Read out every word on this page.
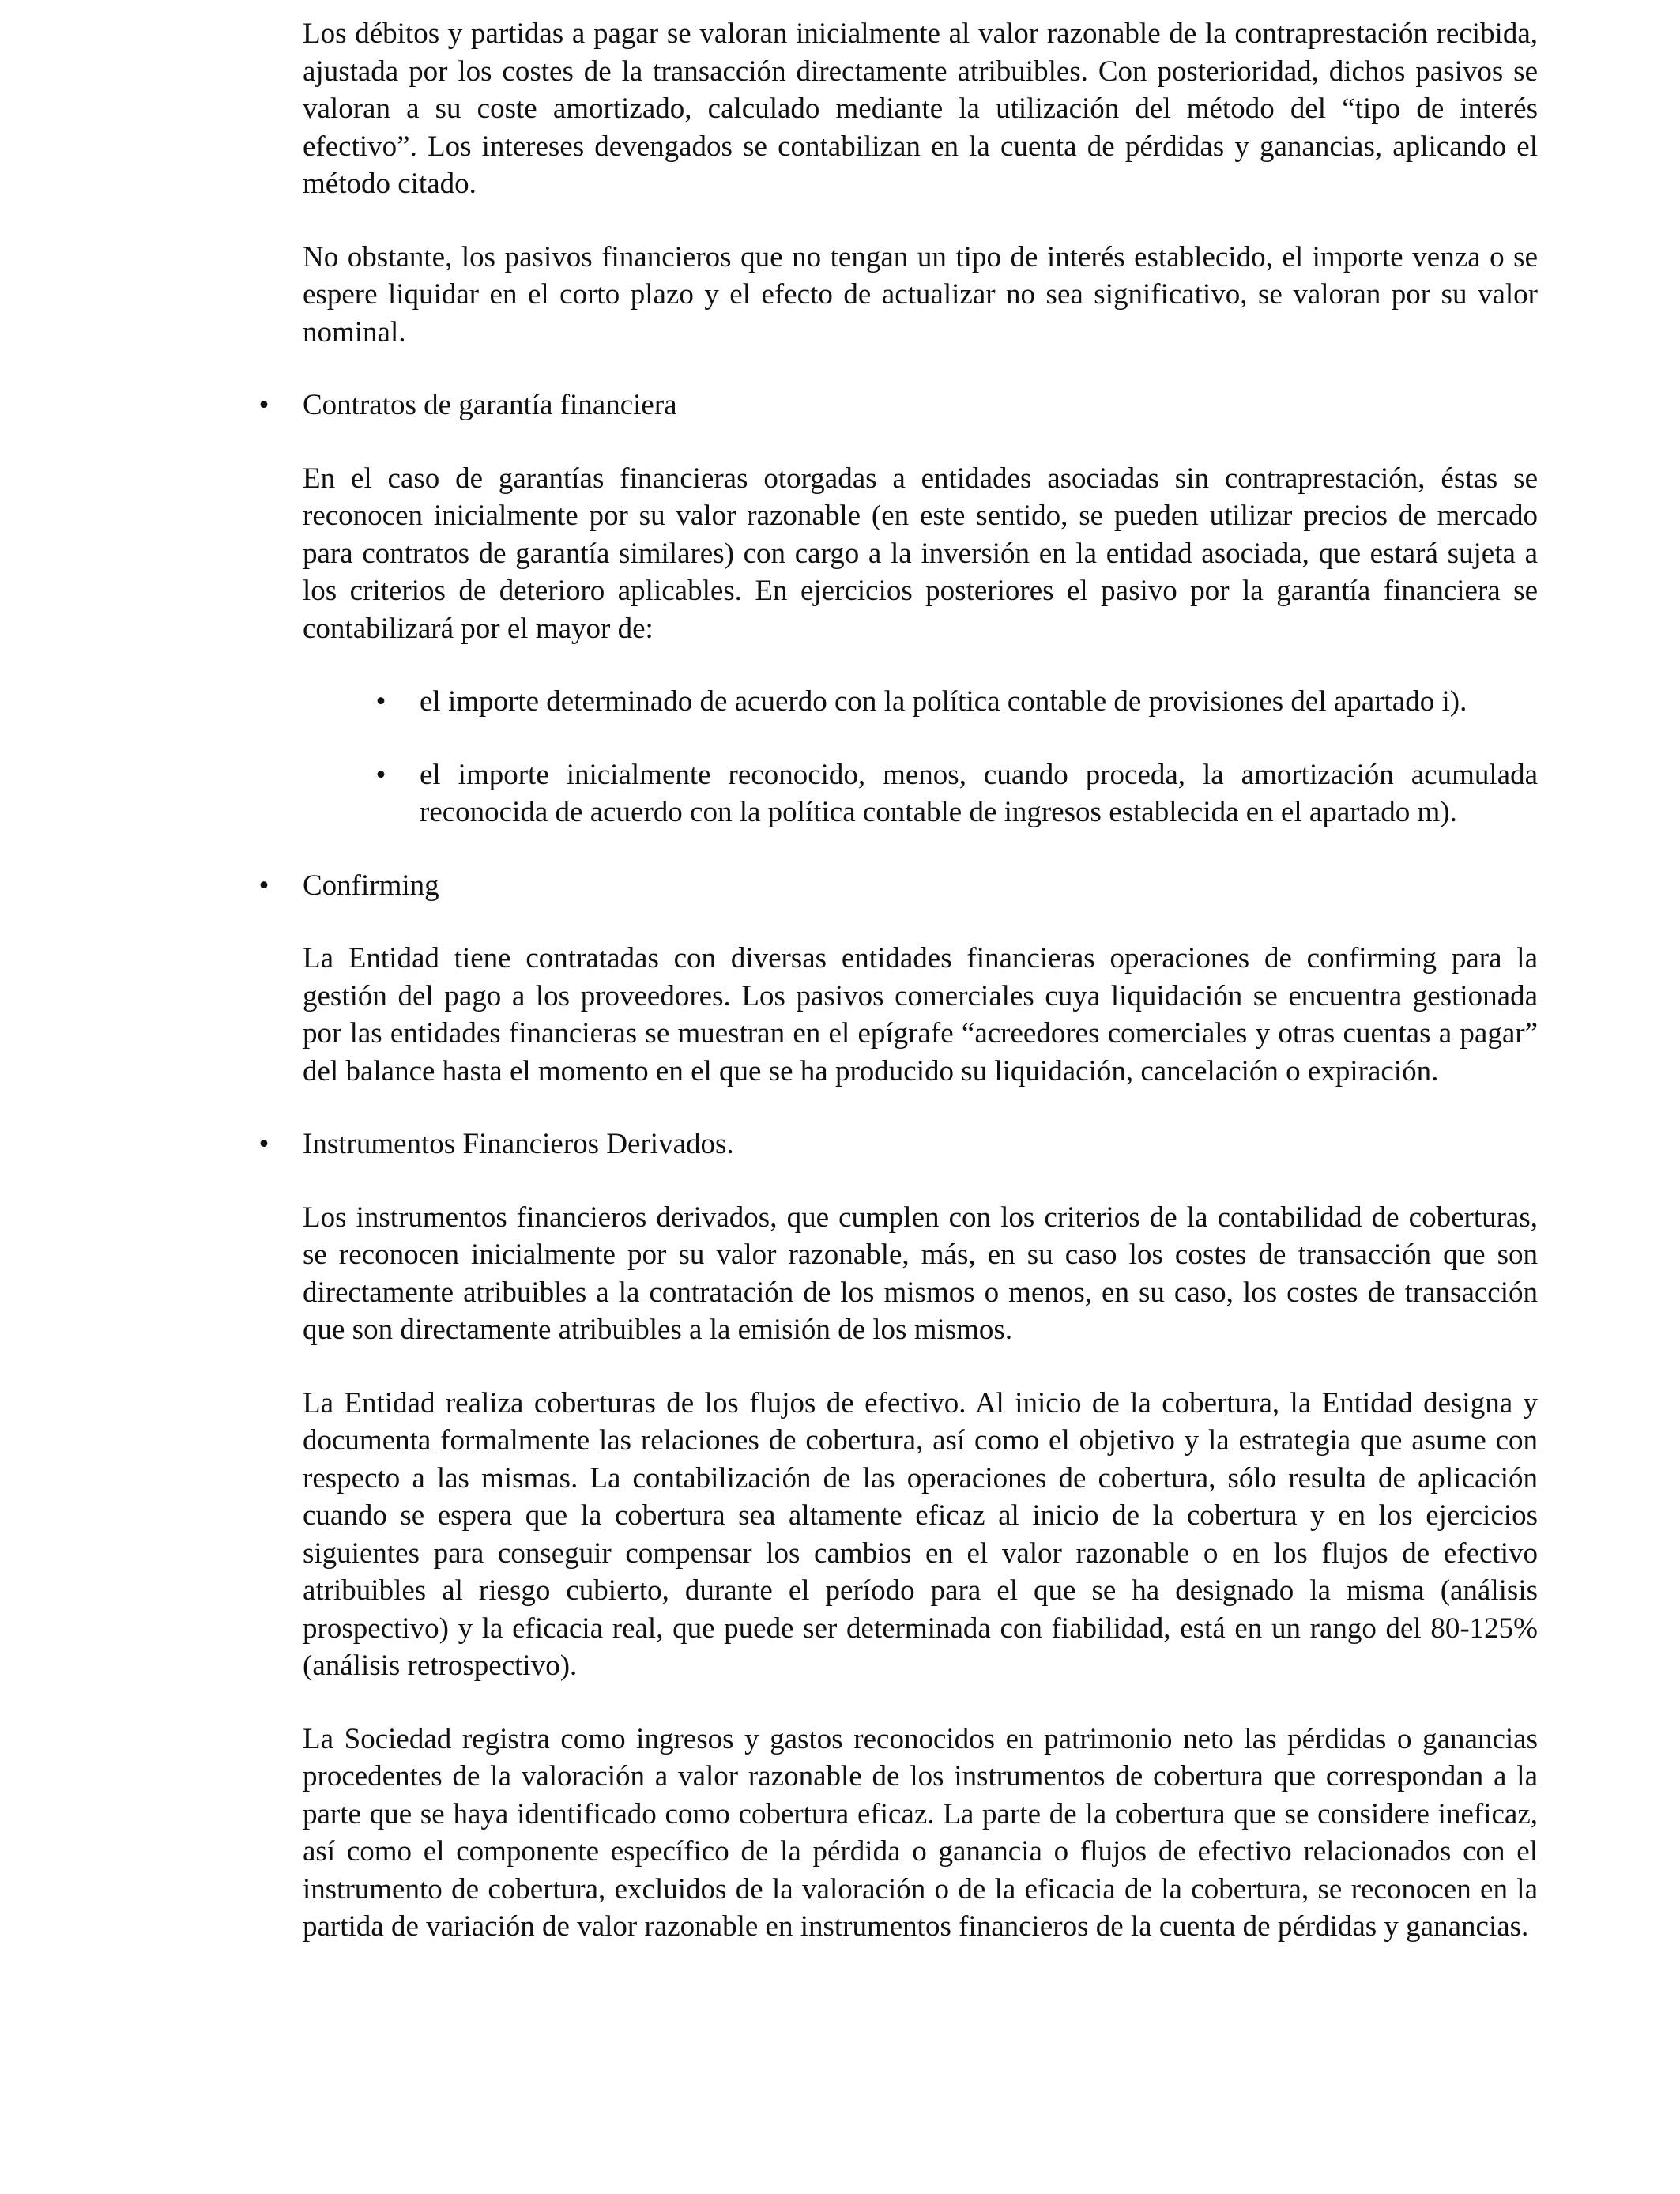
Los débitos y partidas a pagar se valoran inicialmente al valor razonable de la contraprestación recibida, ajustada por los costes de la transacción directamente atribuibles. Con posterioridad, dichos pasivos se valoran a su coste amortizado, calculado mediante la utilización del método del “tipo de interés efectivo”. Los intereses devengados se contabilizan en la cuenta de pérdidas y ganancias, aplicando el método citado.

No obstante, los pasivos financieros que no tengan un tipo de interés establecido, el importe venza o se espere liquidar en el corto plazo y el efecto de actualizar no sea significativo, se valoran por su valor nominal.

• Contratos de garantía financiera

En el caso de garantías financieras otorgadas a entidades asociadas sin contraprestación, éstas se reconocen inicialmente por su valor razonable (en este sentido, se pueden utilizar precios de mercado para contratos de garantía similares) con cargo a la inversión en la entidad asociada, que estará sujeta a los criterios de deterioro aplicables. En ejercicios posteriores el pasivo por la garantía financiera se contabilizará por el mayor de:

• el importe determinado de acuerdo con la política contable de provisiones del apartado i).
• el importe inicialmente reconocido, menos, cuando proceda, la amortización acumulada reconocida de acuerdo con la política contable de ingresos establecida en el apartado m).
• Confirming

La Entidad tiene contratadas con diversas entidades financieras operaciones de confirming para la gestión del pago a los proveedores. Los pasivos comerciales cuya liquidación se encuentra gestionada por las entidades financieras se muestran en el epígrafe “acreedores comerciales y otras cuentas a pagar” del balance hasta el momento en el que se ha producido su liquidación, cancelación o expiración.

• Instrumentos Financieros Derivados.

Los instrumentos financieros derivados, que cumplen con los criterios de la contabilidad de coberturas, se reconocen inicialmente por su valor razonable, más, en su caso los costes de transacción que son directamente atribuibles a la contratación de los mismos o menos, en su caso, los costes de transacción que son directamente atribuibles a la emisión de los mismos.

La Entidad realiza coberturas de los flujos de efectivo. Al inicio de la cobertura, la Entidad designa y documenta formalmente las relaciones de cobertura, así como el objetivo y la estrategia que asume con respecto a las mismas. La contabilización de las operaciones de cobertura, sólo resulta de aplicación cuando se espera que la cobertura sea altamente eficaz al inicio de la cobertura y en los ejercicios siguientes para conseguir compensar los cambios en el valor razonable o en los flujos de efectivo atribuibles al riesgo cubierto, durante el período para el que se ha designado la misma (análisis prospectivo) y la eficacia real, que puede ser determinada con fiabilidad, está en un rango del 80-125% (análisis retrospectivo).

La Sociedad registra como ingresos y gastos reconocidos en patrimonio neto las pérdidas o ganancias procedentes de la valoración a valor razonable de los instrumentos de cobertura que correspondan a la parte que se haya identificado como cobertura eficaz. La parte de la cobertura que se considere ineficaz, así como el componente específico de la pérdida o ganancia o flujos de efectivo relacionados con el instrumento de cobertura, excluidos de la valoración o de la eficacia de la cobertura, se reconocen en la partida de variación de valor razonable en instrumentos financieros de la cuenta de pérdidas y ganancias.
